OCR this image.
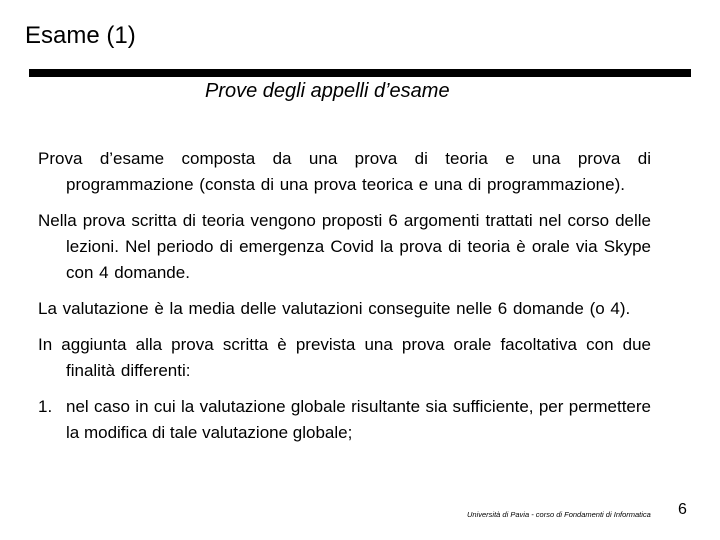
Esame (1)
Prove degli appelli d’esame

Prova d’esame composta da una prova di teoria e una prova di programmazione (consta di una prova teorica e una di programmazione).

Nella prova scritta di teoria vengono proposti 6 argomenti trattati nel corso delle lezioni. Nel periodo di emergenza Covid la prova di teoria è orale via Skype con 4 domande.

La valutazione è la media delle valutazioni conseguite nelle 6 domande (o 4).

In aggiunta alla prova scritta è prevista una prova orale facoltativa con due finalità differenti:

1. nel caso in cui la valutazione globale risultante sia sufficiente, per permettere la modifica di tale valutazione globale;

Università di Pavia - corso di Fondamenti di Informatica 6
